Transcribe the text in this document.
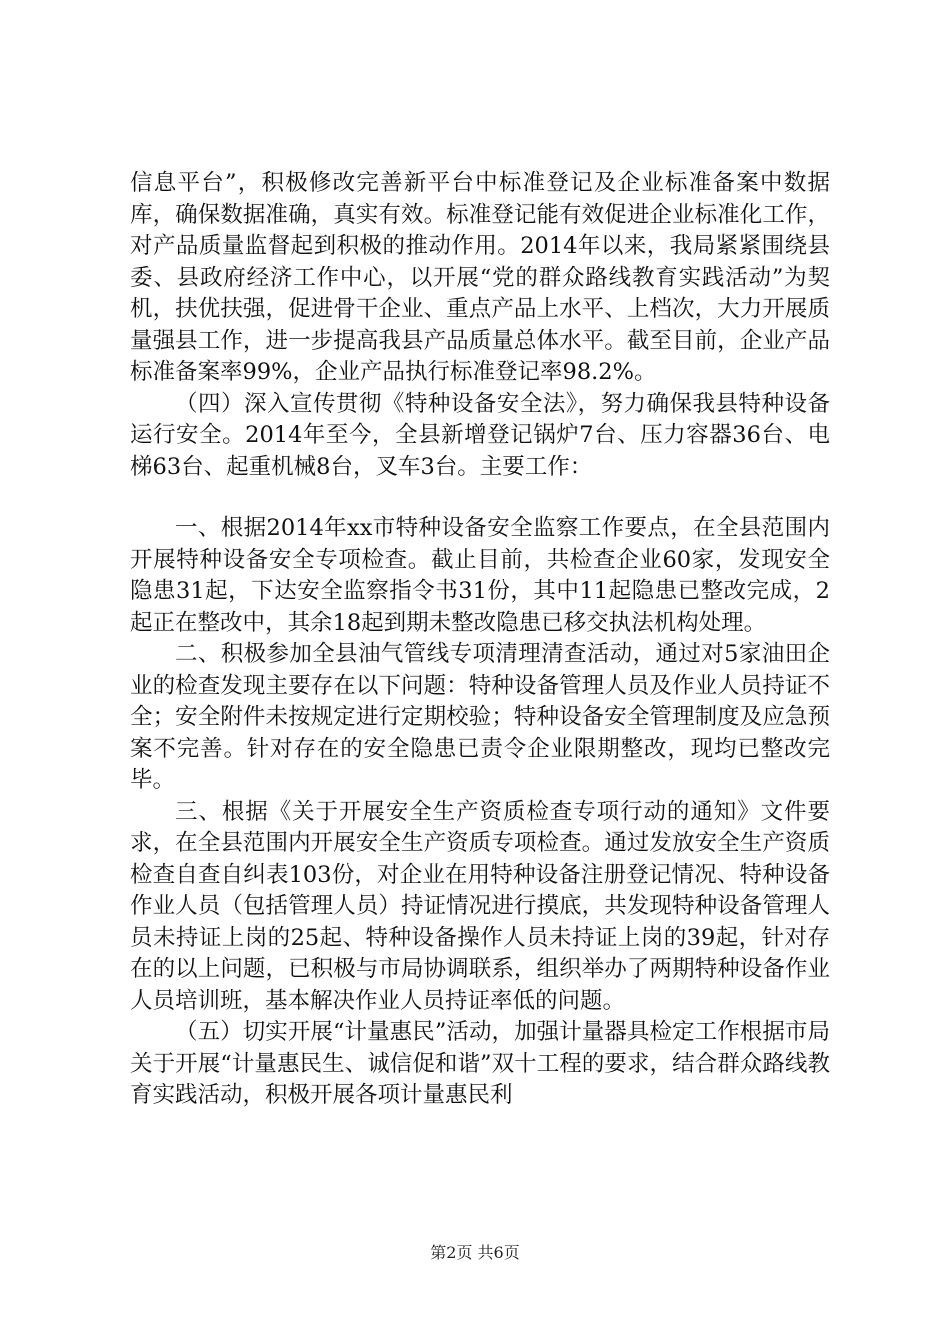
信息平台”，积极修改完善新平台中标准登记及企业标准备案中数据库，确保数据准确，真实有效。标准登记能有效促进企业标准化工作，对产品质量监督起到积极的推动作用。2014年以来，我局紧紧围绕县委、县政府经济工作中心，以开展“党的群众路线教育实践活动”为契机，扶优扶强，促进骨干企业、重点产品上水平、上档次，大力开展质量强县工作，进一步提高我县产品质量总体水平。截至目前，企业产品标准备案率99%，企业产品执行标准登记率98.2%。

（四）深入宣传贯彻《特种设备安全法》，努力确保我县特种设备运行安全。2014年至今，全县新增登记锅炉7台、压力容器36台、电梯63台、起重机械8台，叉车3台。主要工作：

一、根据2014年xx市特种设备安全监察工作要点，在全县范围内开展特种设备安全专项检查。截止目前，共检查企业60家，发现安全隐患31起，下达安全监察指令书31份，其中11起隐患已整改完成，2起正在整改中，其余18起到期未整改隐患已移交执法机构处理。

二、积极参加全县油气管线专项清理清查活动，通过对5家油田企业的检查发现主要存在以下问题：特种设备管理人员及作业人员持证不全；安全附件未按规定进行定期校验；特种设备安全管理制度及应急预案不完善。针对存在的安全隐患已责令企业限期整改，现均已整改完毕。

三、根据《关于开展安全生产资质检查专项行动的通知》文件要求，在全县范围内开展安全生产资质专项检查。通过发放安全生产资质检查自查自纠表103份，对企业在用特种设备注册登记情况、特种设备作业人员（包括管理人员）持证情况进行摸底，共发现特种设备管理人员未持证上岗的25起、特种设备操作人员未持证上岗的39起，针对存在的以上问题，已积极与市局协调联系，组织举办了两期特种设备作业人员培训班，基本解决作业人员持证率低的问题。

（五）切实开展“计量惠民”活动，加强计量器具检定工作根据市局关于开展“计量惠民生、诚信促和谐”双十工程的要求，结合群众路线教育实践活动，积极开展各项计量惠民利

第2页 共6页
